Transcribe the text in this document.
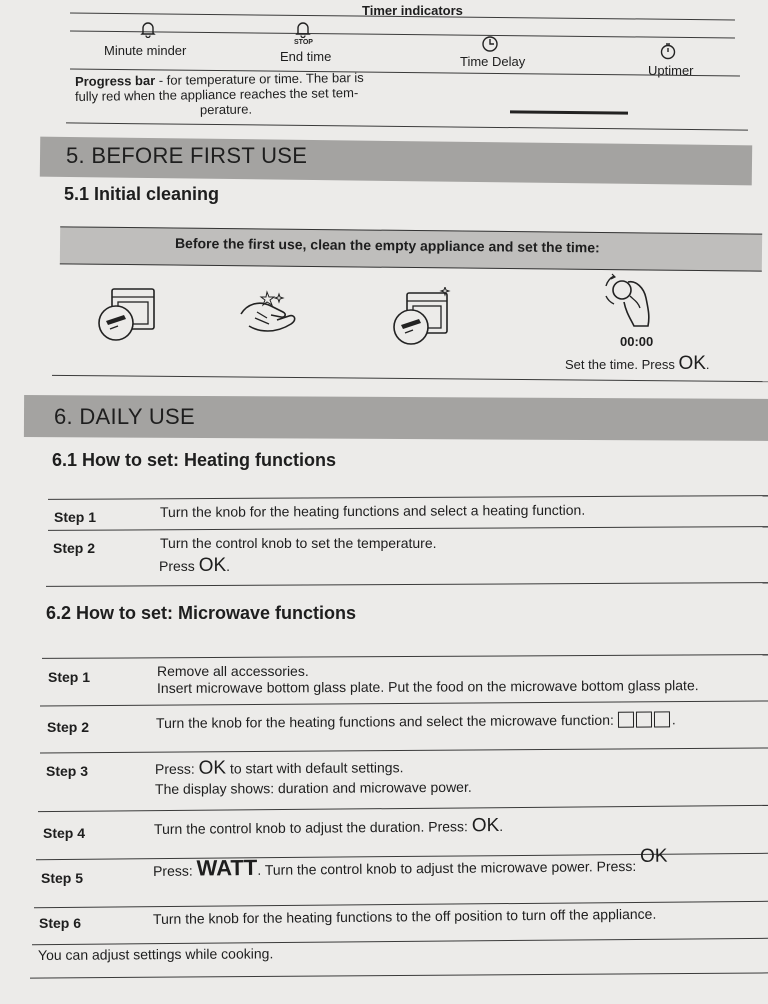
Timer indicators
Minute minder
STOP
End time	Time Delay
Uptimer
Progress bar - for temperature or time. The bar is
fully red when the appliance reaches the set tem-
perature.
5. BEFORE FIRST USE
5.1 Initial cleaning
Before the first use, clean the empty appliance and set the time:
00:00
Set the time. Press OK.
6. DAILY USE
6.1 How to set: Heating functions
Step 1	Turn the knob for the heating functions and select a heating function.
Step 2	Turn the control knob to set the temperature.
Press OK.
6.2 How to set: Microwave functions
Step 1	Remove all accessories.
Insert microwave bottom glass plate. Put the food on the microwave bottom glass plate.
Step 2	Turn the knob for the heating functions and select the microwave function:	.
Step 3	Press: OK to start with default settings.
The display shows: duration and microwave power.
Step 4	Turn the control knob to adjust the duration. Press: OK.
Step 5	Press: WATT. Turn the control knob to adjust the microwave power. Press: OK
Step 6	Turn the knob for the heating functions to the off position to turn off the appliance.
You can adjust settings while cooking.
